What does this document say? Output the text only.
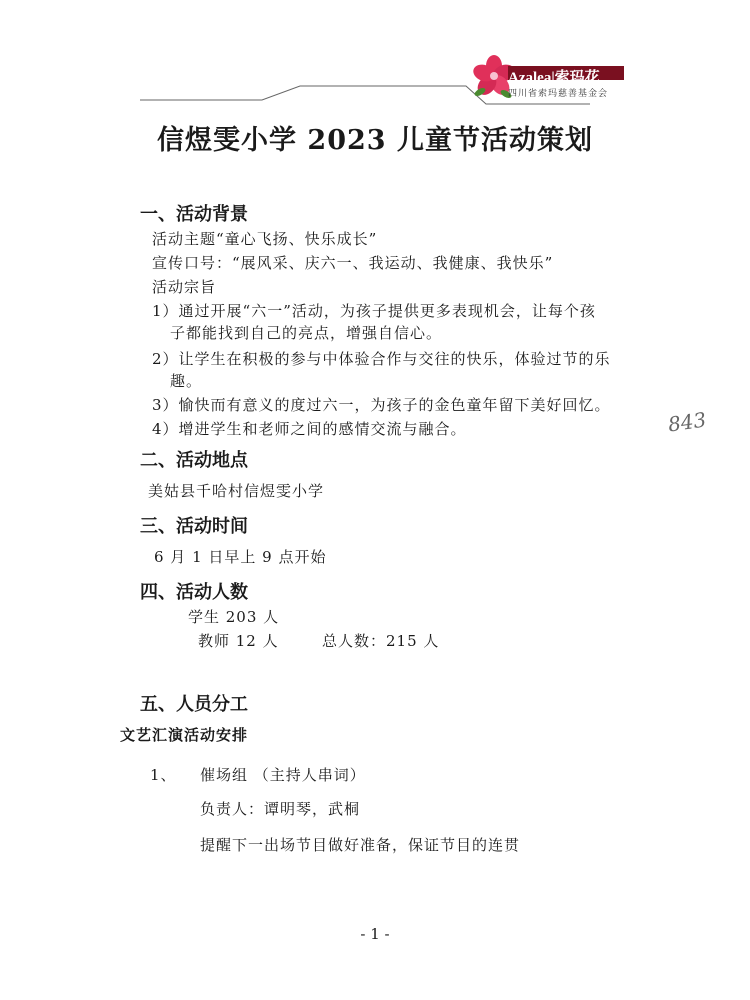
Azalea|索玛花
四川省索玛慈善基金会
信煜雯小学 2023 儿童节活动策划
一、活动背景
活动主题“童心飞扬、快乐成长”
宣传口号：“展风采、庆六一、我运动、我健康、我快乐”
活动宗旨
1）通过开展“六一”活动，为孩子提供更多表现机会，让每个孩
子都能找到自己的亮点，增强自信心。
2）让学生在积极的参与中体验合作与交往的快乐，体验过节的乐
趣。
3）愉快而有意义的度过六一，为孩子的金色童年留下美好回忆。
4）增进学生和老师之间的感情交流与融合。	843
二、活动地点
美姑县千哈村信煜雯小学
三、活动时间
6 月 1 日早上 9 点开始
四、活动人数
学生 203 人
教师 12 人	总人数：215 人
五、人员分工
文艺汇演活动安排
1、 催场组 （主持人串词）
负责人：谭明琴，武桐
提醒下一出场节目做好准备，保证节目的连贯
- 1 -
